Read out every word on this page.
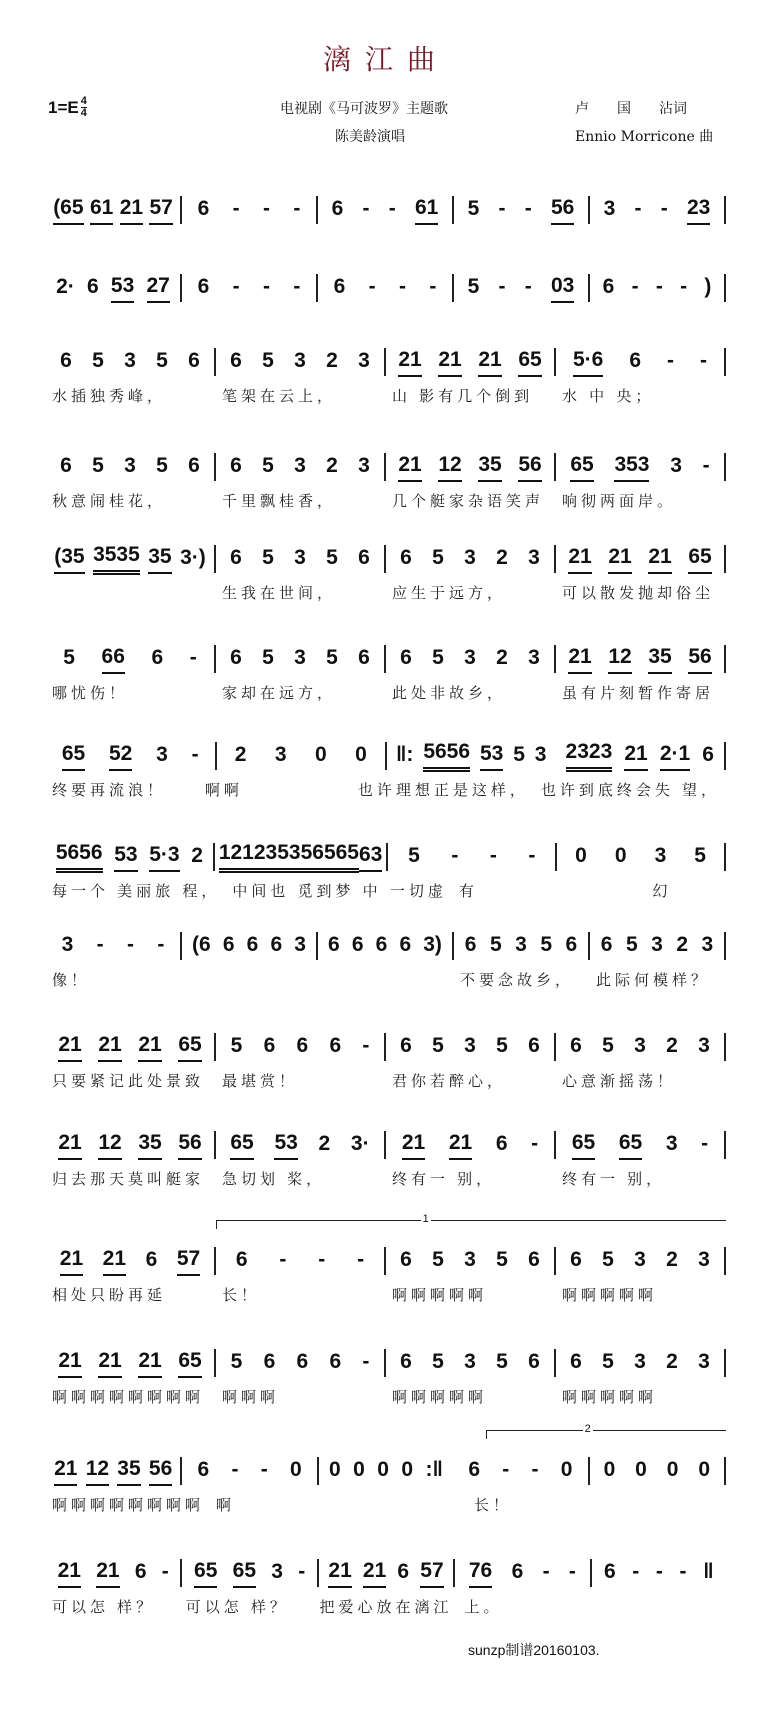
漓江曲
$1=E \frac{4}{4}$	电视剧《马可波罗》主题歌
陈美龄演唱
卢　　国　　沾词
Ennio Morricone 曲
(65 61 21 57 6 - - - 6 - - 61 5 - - 56 3 - - 23
2· 6 53 27 6 - - - 6 - - - 5 - - 03 6 - - - )
6 5 3 5 6 6 5 3 2 3 21 21 21 65 5·6 6 - -
水插独秀峰，	笔架在云上，	山 影有几个倒到	水 中 央；
6 5 3 5 6 6 5 3 2 3 21 12 35 56 65 353 3 -
秋意闹桂花，	千里飘桂香，	几个艇家杂语笑声	响彻两面岸。
(35 3535 35 3·) 6 5 3 5 6 6 5 3 2 3 21 21 21 65
生我在世间，	应生于远方，	可以散发抛却俗尘
5 66 6 - 6 5 3 5 6 6 5 3 2 3 21 12 35 56
哪忧伤！	家却在远方，	此处非故乡，	虽有片刻暂作寄居
65 52 3 - 2 3 0 0 ‖: 5656 53 5 3 2323 21 2·1 6
终要再流浪！	啊啊	也许理想正是这样， 也许到底终会失 望，
5656 53 5·3 2 1212 3535 6565 63 5 - - - 0 0 3 5
每一个 美丽旅 程， 中间也 觅到梦 中 一切虚 有	　　　幻
3 - - - (6 6 6 6 3 6 6 6 6 3) 6 5 3 5 6 6 5 3 2 3
像！	不要念故乡，	此际何模样？
21 21 21 65 5 6 6 6 - 6 5 3 5 6 6 5 3 2 3
只要紧记此处景致	最堪赏！	君你若醉心，	心意渐摇荡！
21 12 35 56 65 53 2 3· 21 21 6 - 65 65 3 -
归去那天莫叫艇家	急切划 桨，	终有一 别，	终有一 别，
1
21 21 6 57 6 - - - 6 5 3 5 6 6 5 3 2 3
相处只盼再延	长！	啊啊啊啊啊	啊啊啊啊啊
21 21 21 65 5 6 6 6 - 6 5 3 5 6 6 5 3 2 3
啊啊啊啊啊啊啊啊	啊啊啊	啊啊啊啊啊	啊啊啊啊啊
2
21 12 35 56 6 - - 0 0 0 0 0 :‖ 6 - - 0 0 0 0 0
啊啊啊啊啊啊啊啊 啊	长！
21 21 6 - 65 65 3 - 21 21 6 57 76 6 - - 6 - - - ‖
可以怎 样？	可以怎 样？	把爱心放在漓江 上。
sunzp制谱20160103.
